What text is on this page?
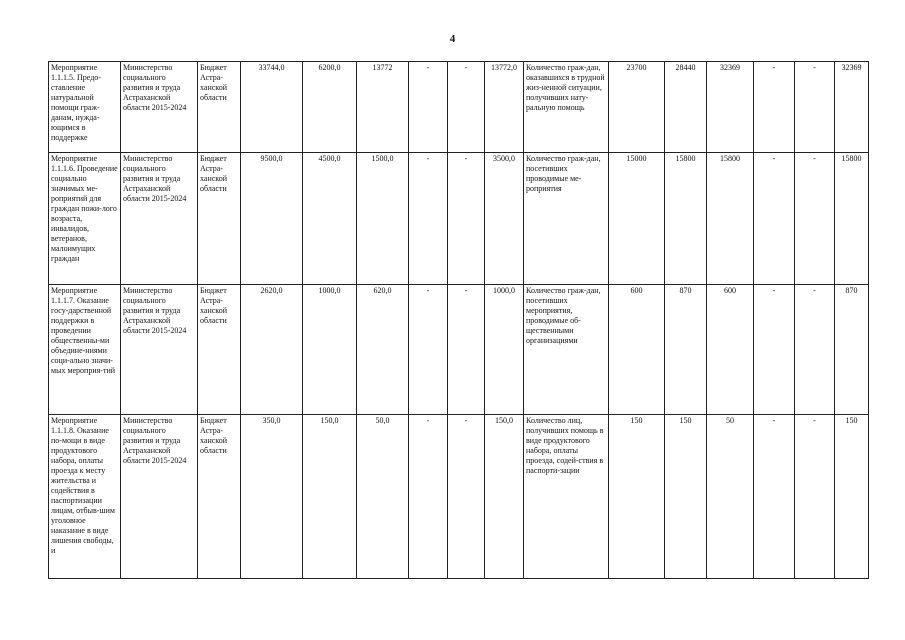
4
Мероприятие 1.1.1.5. Предо-ставление натуральной помощи граж-данам, нужда-ющимся в поддержке	Министерство социального развития и труда Астраханской области 2015-2024	Бюджет Астра-ханской области	33744,0	6200,0	13772	-	-	13772,0	Количество граж-дан, оказавшихся в трудной жиз-ненной ситуации, получивших нату-ральную помощь	23700	28440	32369	-	-	32369
Мероприятие 1.1.1.6. Проведение социально значимых ме-роприятий для граждан пожи-лого возраста, инвалидов, ветеранов, малоимущих граждан	Министерство социального развития и труда Астраханской области 2015-2024	Бюджет Астра-ханской области	9500,0	4500,0	1500,0	-	-	3500,0	Количество граж-дан, посетивших проводимые ме-роприятия	15000	15800	15800	-	-	15800
Мероприятие 1.1.1.7. Оказание госу-дарственной поддержки в проведении общественны-ми объедине-ниями соци-ально значи-мых мероприя-тий	Министерство социального развития и труда Астраханской области 2015-2024	Бюджет Астра-ханской области	2620,0	1000,0	620,0	-	-	1000,0	Количество граж-дан, посетивших мероприятия, проводимые об-щественными организациями	600	870	600	-	-	870
Мероприятие 1.1.1.8. Оказание по-мощи в виде продуктового набора, оплаты проезда к месту жительства и содействия в паспортизации лицам, отбыв-шим уголовное наказание в виде лишения свободы, и	Министерство социального развития и труда Астраханской области 2015-2024	Бюджет Астра-ханской области	350,0	150,0	50,0	-	-	150,0	Количество лиц, получивших помощь в виде продуктового набора, оплаты проезда, содей-ствия в паспорти-зации	150	150	50	-	-	150
